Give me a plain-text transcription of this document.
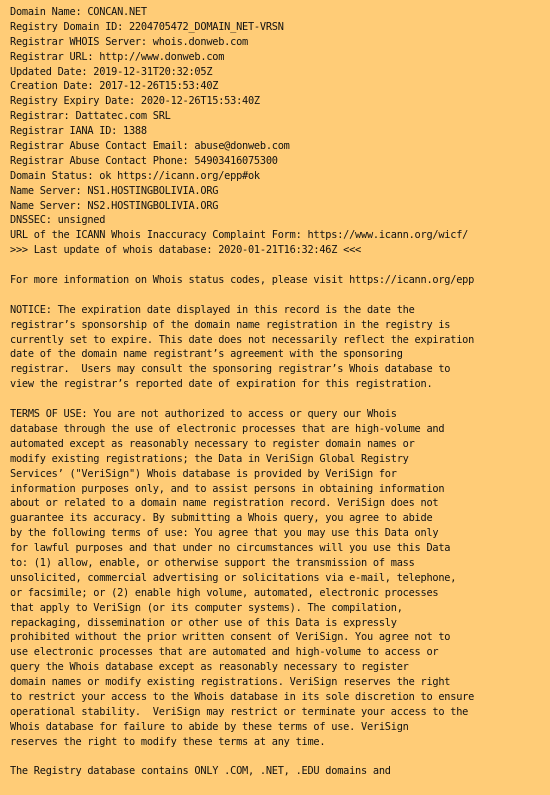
Domain Name: CONCAN.NET
Registry Domain ID: 2204705472_DOMAIN_NET-VRSN
Registrar WHOIS Server: whois.donweb.com
Registrar URL: http://www.donweb.com
Updated Date: 2019-12-31T20:32:05Z
Creation Date: 2017-12-26T15:53:40Z
Registry Expiry Date: 2020-12-26T15:53:40Z
Registrar: Dattatec.com SRL
Registrar IANA ID: 1388
Registrar Abuse Contact Email: abuse@donweb.com
Registrar Abuse Contact Phone: 54903416075300
Domain Status: ok https://icann.org/epp#ok
Name Server: NS1.HOSTINGBOLIVIA.ORG
Name Server: NS2.HOSTINGBOLIVIA.ORG
DNSSEC: unsigned
URL of the ICANN Whois Inaccuracy Complaint Form: https://www.icann.org/wicf/
>>> Last update of whois database: 2020-01-21T16:32:46Z <<<
For more information on Whois status codes, please visit https://icann.org/epp
NOTICE: The expiration date displayed in this record is the date the
registrar’s sponsorship of the domain name registration in the registry is
currently set to expire. This date does not necessarily reflect the expiration
date of the domain name registrant’s agreement with the sponsoring
registrar.  Users may consult the sponsoring registrar’s Whois database to
view the registrar’s reported date of expiration for this registration.
TERMS OF USE: You are not authorized to access or query our Whois
database through the use of electronic processes that are high-volume and
automated except as reasonably necessary to register domain names or
modify existing registrations; the Data in VeriSign Global Registry
Services’ ("VeriSign") Whois database is provided by VeriSign for
information purposes only, and to assist persons in obtaining information
about or related to a domain name registration record. VeriSign does not
guarantee its accuracy. By submitting a Whois query, you agree to abide
by the following terms of use: You agree that you may use this Data only
for lawful purposes and that under no circumstances will you use this Data
to: (1) allow, enable, or otherwise support the transmission of mass
unsolicited, commercial advertising or solicitations via e-mail, telephone,
or facsimile; or (2) enable high volume, automated, electronic processes
that apply to VeriSign (or its computer systems). The compilation,
repackaging, dissemination or other use of this Data is expressly
prohibited without the prior written consent of VeriSign. You agree not to
use electronic processes that are automated and high-volume to access or
query the Whois database except as reasonably necessary to register
domain names or modify existing registrations. VeriSign reserves the right
to restrict your access to the Whois database in its sole discretion to ensure
operational stability.  VeriSign may restrict or terminate your access to the
Whois database for failure to abide by these terms of use. VeriSign
reserves the right to modify these terms at any time.
The Registry database contains ONLY .COM, .NET, .EDU domains and
